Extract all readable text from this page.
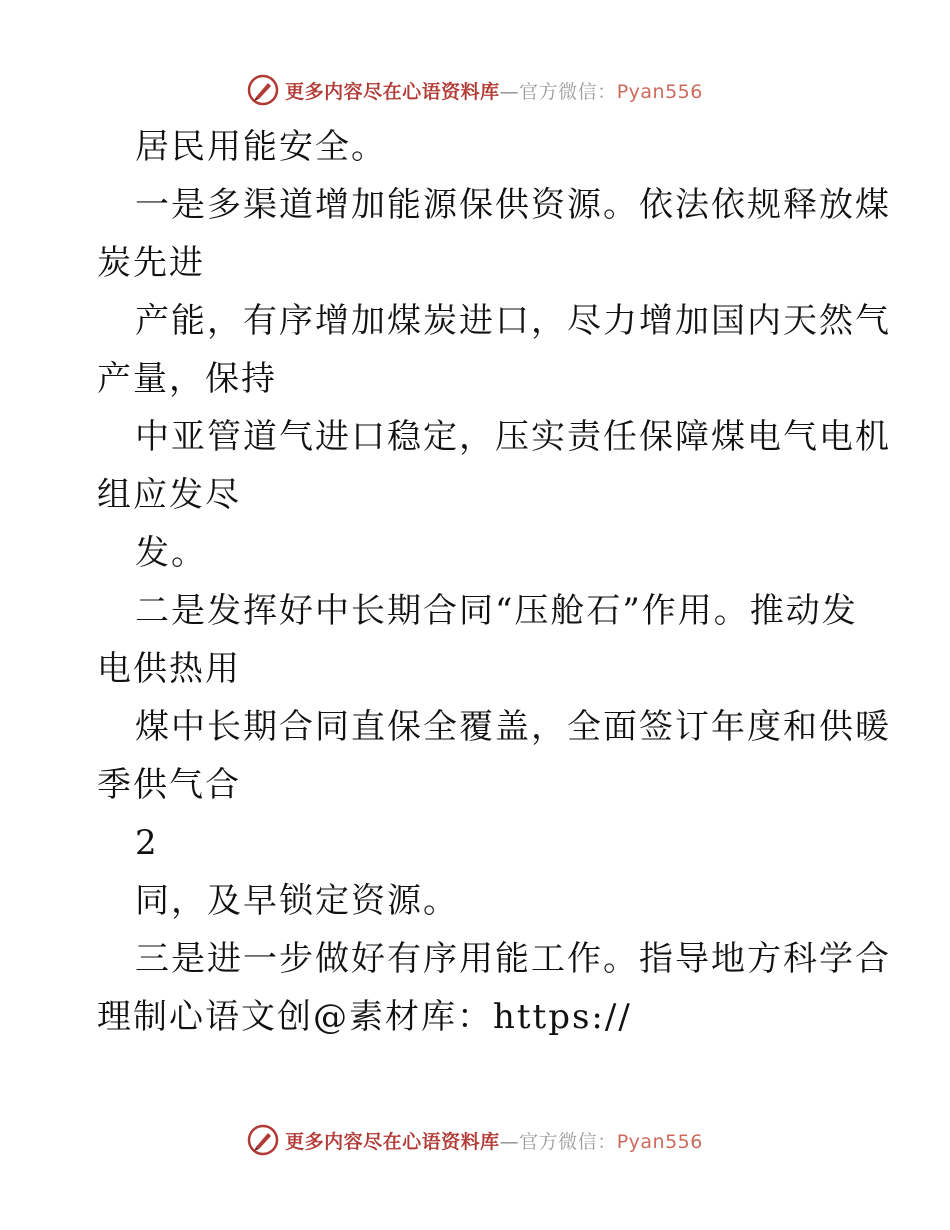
更多内容尽在心语资料库—官方微信：Pyan556
居民用能安全。
一是多渠道增加能源保供资源。依法依规释放煤
炭先进
产能，有序增加煤炭进口，尽力增加国内天然气
产量，保持
中亚管道气进口稳定，压实责任保障煤电气电机
组应发尽
发。
二是发挥好中长期合同“压舱石”作用。推动发
电供热用
煤中长期合同直保全覆盖，全面签订年度和供暖
季供气合
2
同，及早锁定资源。
三是进一步做好有序用能工作。指导地方科学合
理制心语文创@素材库：https://
更多内容尽在心语资料库—官方微信：Pyan556
